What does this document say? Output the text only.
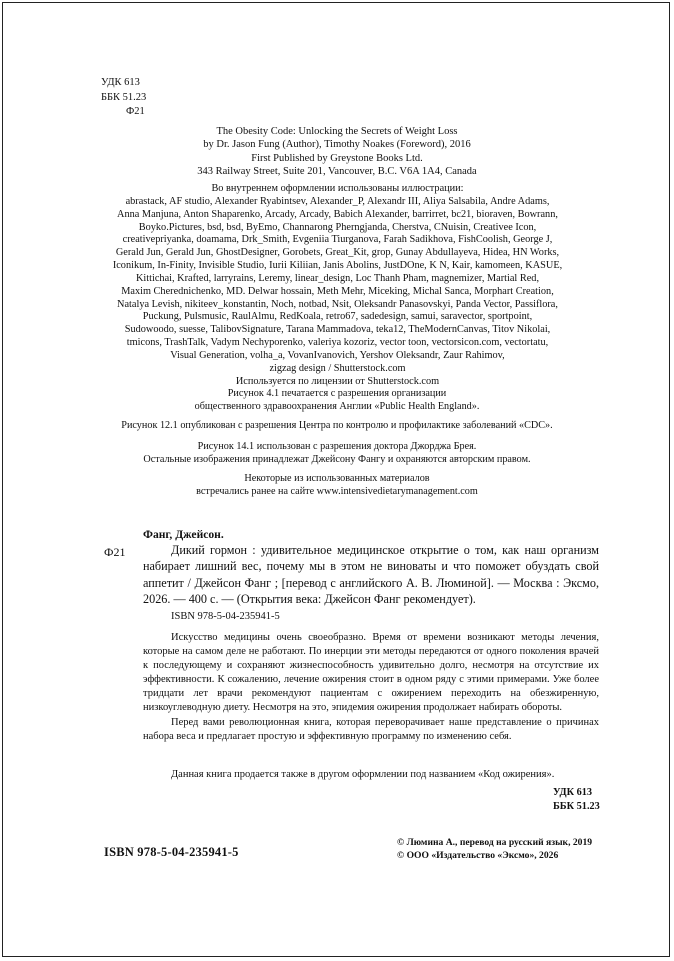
УДК 613
ББК 51.23
Ф21
The Obesity Code: Unlocking the Secrets of Weight Loss
by Dr. Jason Fung (Author), Timothy Noakes (Foreword), 2016
First Published by Greystone Books Ltd.
343 Railway Street, Suite 201, Vancouver, B.C. V6A 1A4, Canada
Во внутреннем оформлении использованы иллюстрации:
abrastack, AF studio, Alexander Ryabintsev, Alexander_P, Alexandr III, Aliya Salsabila, Andre Adams,
Anna Manjuna, Anton Shaparenko, Arcady, Arcady, Babich Alexander, barrirret, bc21, bioraven, Bowrann,
Boyko.Pictures, bsd, bsd, ByEmo, Channarong Pherngjanda, Cherstva, CNuisin, Creativee Icon,
creativepriyanka, doamama, Drk_Smith, Evgeniia Tiurganova, Farah Sadikhova, FishCoolish, George J,
Gerald Jun, Gerald Jun, GhostDesigner, Gorobets, Great_Kit, grop, Gunay Abdullayeva, Hidea, HN Works,
Iconikum, In-Finity, Invisible Studio, Iurii Kiliian, Janis Abolins, JustDOne, K N, Kair, kamomeen, KASUE,
Kittichai, Krafted, larryrains, Leremy, linear_design, Loc Thanh Pham, magnemizer, Martial Red,
Maxim Cherednichenko, MD. Delwar hossain, Meth Mehr, Miceking, Michal Sanca, Morphart Creation,
Natalya Levish, nikiteev_konstantin, Noch, notbad, Nsit, Oleksandr Panasovskyi, Panda Vector, Passiflora,
Puckung, Pulsmusic, RaulAlmu, RedKoala, retro67, sadedesign, samui, saravector, sportpoint,
Sudowoodo, suesse, TalibovSignature, Tarana Mammadova, teka12, TheModernCanvas, Titov Nikolai,
tmicons, TrashTalk, Vadym Nechyporenko, valeriya kozoriz, vector toon, vectorsicon.com, vectortatu,
Visual Generation, volha_a, VovanIvanovich, Yershov Oleksandr, Zaur Rahimov,
zigzag design / Shutterstock.com
Используется по лицензии от Shutterstock.com
Рисунок 4.1 печатается с разрешения организации
общественного здравоохранения Англии «Public Health England».
Рисунок 12.1 опубликован с разрешения Центра по контролю и профилактике заболеваний «CDC».
Рисунок 14.1 использован с разрешения доктора Джорджа Брея.
Остальные изображения принадлежат Джейсону Фангу и охраняются авторским правом.
Некоторые из использованных материалов
встречались ранее на сайте www.intensivedietarymanagement.com
Фанг, Джейсон.
Ф21	Дикий гормон : удивительное медицинское открытие о том, как наш организм набирает лишний вес, почему мы в этом не виноваты и что поможет обуздать свой аппетит / Джейсон Фанг ; [перевод с английского А. В. Люминой]. — Москва : Эксмо, 2026. — 400 с. — (Открытия века: Джейсон Фанг рекомендует).
ISBN 978-5-04-235941-5

Искусство медицины очень своеобразно. Время от времени возникают методы лечения, которые на самом деле не работают. По инерции эти методы передаются от одного поколения врачей к последующему и сохраняют жизнеспособность удивительно долго, несмотря на отсутствие их эффективности. К сожалению, лечение ожирения стоит в одном ряду с этими примерами. Уже более тридцати лет врачи рекомендуют пациентам с ожирением переходить на обезжиренную, низкоуглеводную диету. Несмотря на это, эпидемия ожирения продолжает набирать обороты.

Перед вами революционная книга, которая переворачивает наше представление о причинах набора веса и предлагает простую и эффективную программу по изменению себя.

Данная книга продается также в другом оформлении под названием «Код ожирения».
УДК 613
ББК 51.23
ISBN 978-5-04-235941-5
© Люмина А., перевод на русский язык, 2019
© ООО «Издательство «Эксмо», 2026
